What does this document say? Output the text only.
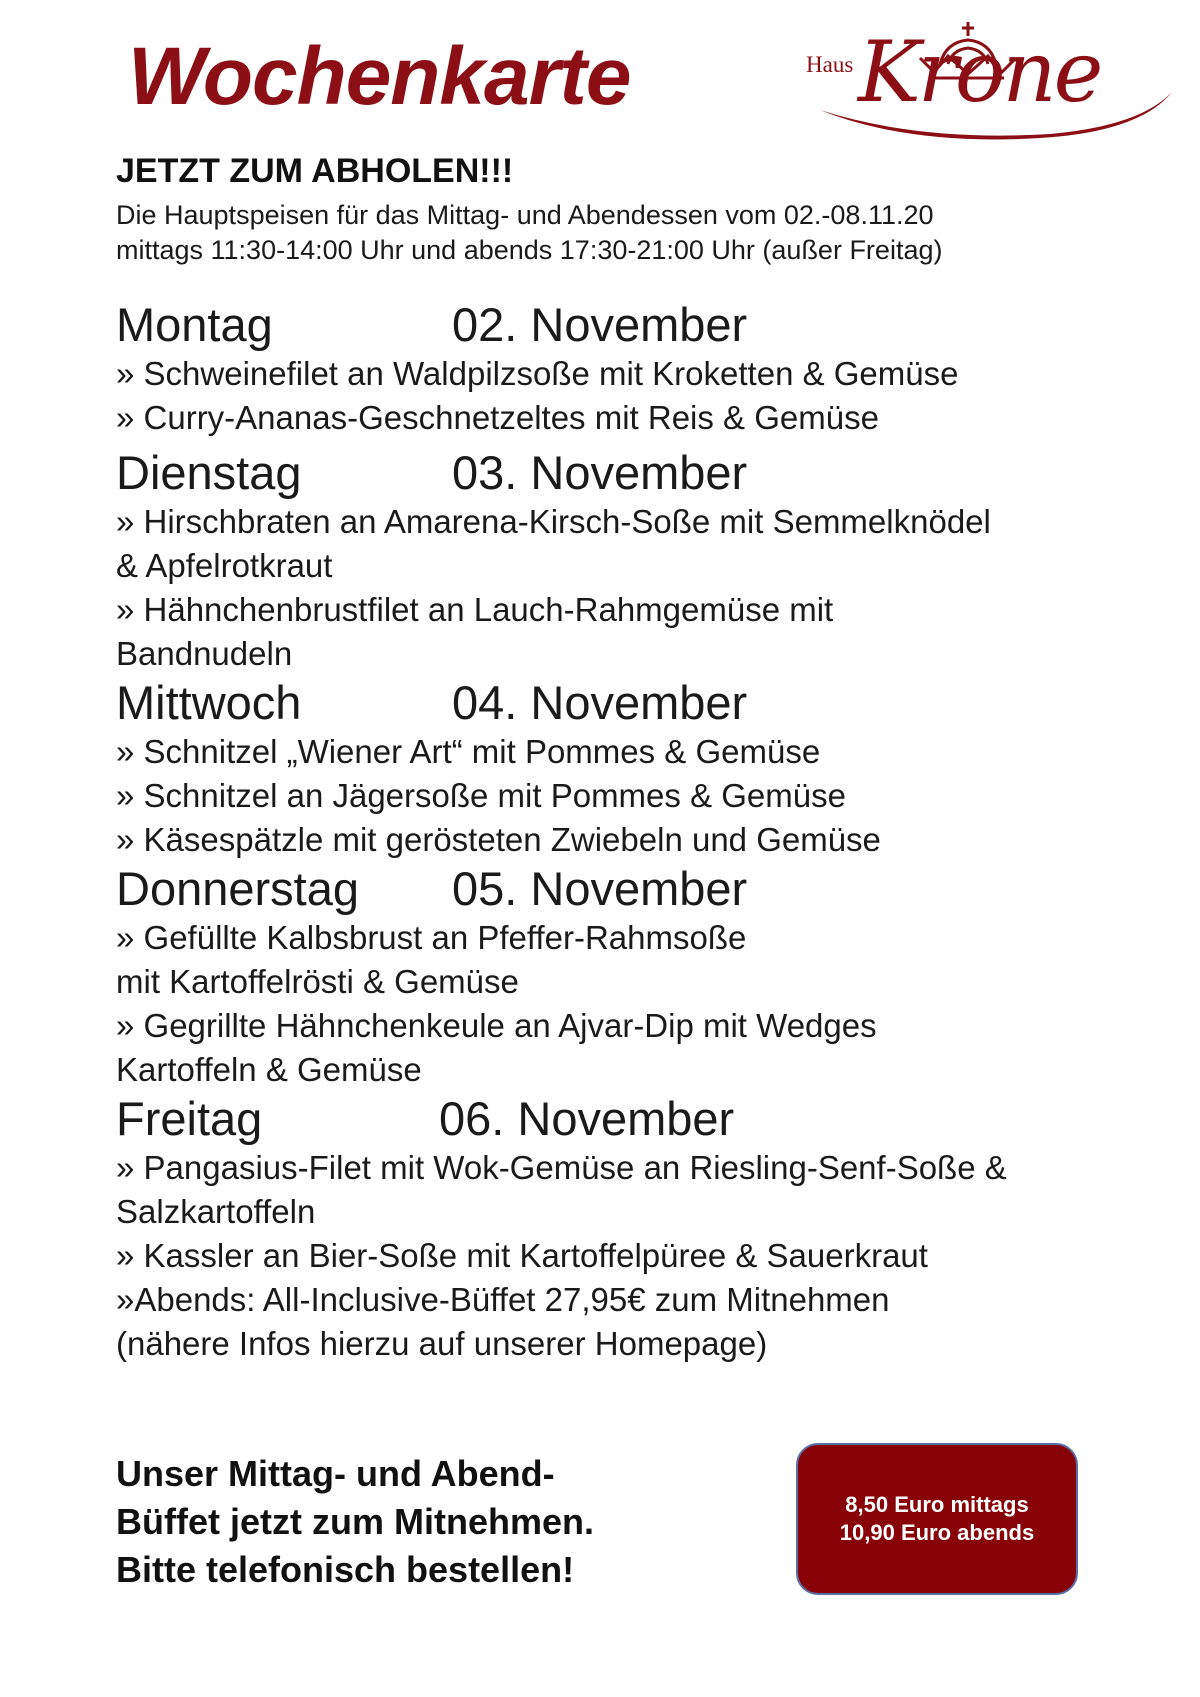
Wochenkarte	Haus Krone
JETZT ZUM ABHOLEN!!!
Die Hauptspeisen für das Mittag- und Abendessen vom 02.-08.11.20
mittags 11:30-14:00 Uhr und abends 17:30-21:00 Uhr (außer Freitag)
Montag	02. November
» Schweinefilet an Waldpilzsoße mit Kroketten & Gemüse
» Curry-Ananas-Geschnetzeltes mit Reis & Gemüse
Dienstag	03. November
» Hirschbraten an Amarena-Kirsch-Soße mit Semmelknödel
& Apfelrotkraut
» Hähnchenbrustfilet an Lauch-Rahmgemüse mit
Bandnudeln
Mittwoch	04. November
» Schnitzel „Wiener Art“ mit Pommes & Gemüse
» Schnitzel an Jägersoße mit Pommes & Gemüse
» Käsespätzle mit gerösteten Zwiebeln und Gemüse
Donnerstag 05. November
» Gefüllte Kalbsbrust an Pfeffer-Rahmsoße
mit Kartoffelrösti & Gemüse
» Gegrillte Hähnchenkeule an Ajvar-Dip mit Wedges
Kartoffeln & Gemüse
Freitag	06. November
» Pangasius-Filet mit Wok-Gemüse an Riesling-Senf-Soße &
Salzkartoffeln
» Kassler an Bier-Soße mit Kartoffelpüree & Sauerkraut
»Abends: All-Inclusive-Büffet 27,95€ zum Mitnehmen
(nähere Infos hierzu auf unserer Homepage)
Unser Mittag- und Abend-
Büffet jetzt zum Mitnehmen.
Bitte telefonisch bestellen!
8,50 Euro mittags
10,90 Euro abends
